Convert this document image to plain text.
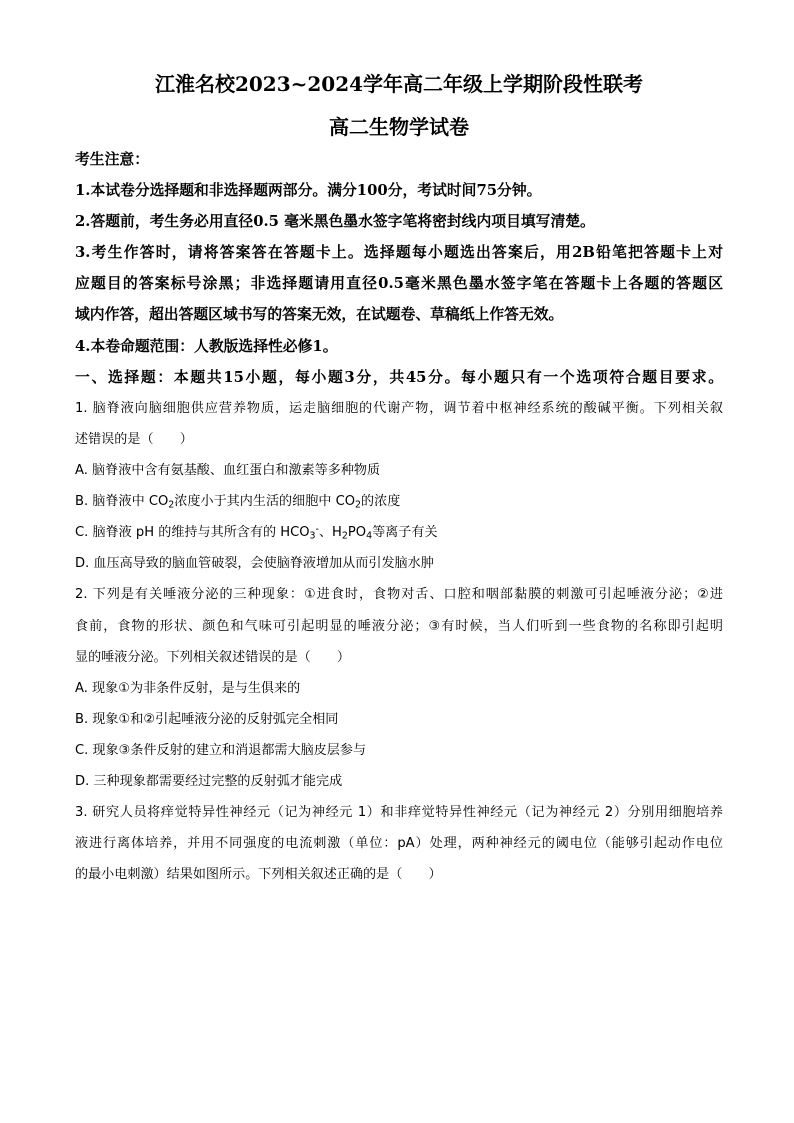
江淮名校2023~2024学年高二年级上学期阶段性联考
高二生物学试卷
考生注意：
1.本试卷分选择题和非选择题两部分。满分100分，考试时间75分钟。
2.答题前，考生务必用直径0.5 毫米黑色墨水签字笔将密封线内项目填写清楚。
3.考生作答时，请将答案答在答题卡上。选择题每小题选出答案后，用2B铅笔把答题卡上对
应题目的答案标号涂黑；非选择题请用直径0.5毫米黑色墨水签字笔在答题卡上各题的答题区
域内作答，超出答题区域书写的答案无效，在试题卷、草稿纸上作答无效。
4.本卷命题范围：人教版选择性必修1。
一、选择题：本题共15小题，每小题3分，共45分。每小题只有一个选项符合题目要求。
1. 脑脊液向脑细胞供应营养物质，运走脑细胞的代谢产物，调节着中枢神经系统的酸碱平衡。下列相关叙
述错误的是（　　）
A. 脑脊液中含有氨基酸、血红蛋白和激素等多种物质
B. 脑脊液中 $CO_2$浓度小于其内生活的细胞中 $CO_2$的浓度
C. 脑脊液 pH 的维持与其所含有的 $HCO_3^-$、$H_2PO_4$等离子有关
D. 血压高导致的脑血管破裂，会使脑脊液增加从而引发脑水肿
2. 下列是有关唾液分泌的三种现象：①进食时，食物对舌、口腔和咽部黏膜的刺激可引起唾液分泌；②进
食前，食物的形状、颜色和气味可引起明显的唾液分泌；③有时候，当人们听到一些食物的名称即引起明
显的唾液分泌。下列相关叙述错误的是（　　）
A. 现象①为非条件反射，是与生俱来的
B. 现象①和②引起唾液分泌的反射弧完全相同
C. 现象③条件反射的建立和消退都需大脑皮层参与
D. 三种现象都需要经过完整的反射弧才能完成
3. 研究人员将痒觉特异性神经元（记为神经元 1）和非痒觉特异性神经元（记为神经元 2）分别用细胞培养
液进行离体培养，并用不同强度的电流刺激（单位：pA）处理，两种神经元的阈电位（能够引起动作电位
的最小电刺激）结果如图所示。下列相关叙述正确的是（　　）
